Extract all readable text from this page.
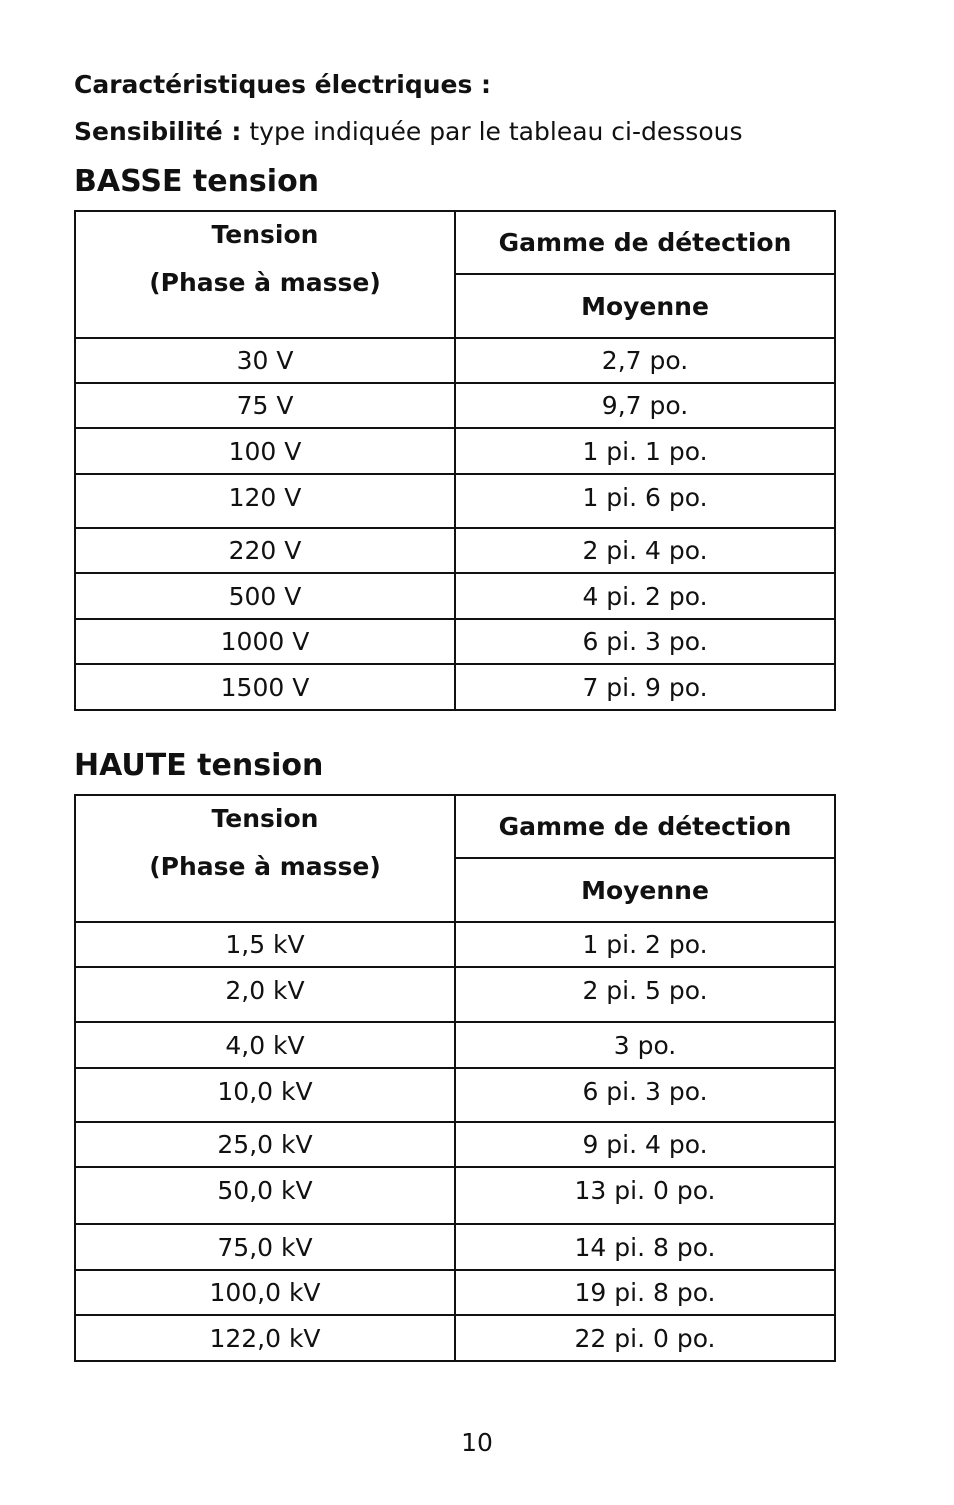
Caractéristiques électriques :
Sensibilité : type indiquée par le tableau ci-dessous
BASSE tension
Tension
(Phase à masse)	Gamme de détection
	Moyenne
30 V	2,7 po.
75 V	9,7 po.
100 V	1 pi. 1 po.
120 V	1 pi. 6 po.
220 V	2 pi. 4 po.
500 V	4 pi. 2 po.
1000 V	6 pi. 3 po.
1500 V	7 pi. 9 po.
HAUTE tension
Tension
(Phase à masse)	Gamme de détection
	Moyenne
1,5 kV	1 pi. 2 po.
2,0 kV	2 pi. 5 po.
4,0 kV	3 po.
10,0 kV	6 pi. 3 po.
25,0 kV	9 pi. 4 po.
50,0 kV	13 pi. 0 po.
75,0 kV	14 pi. 8 po.
100,0 kV	19 pi. 8 po.
122,0 kV	22 pi. 0 po.
10
